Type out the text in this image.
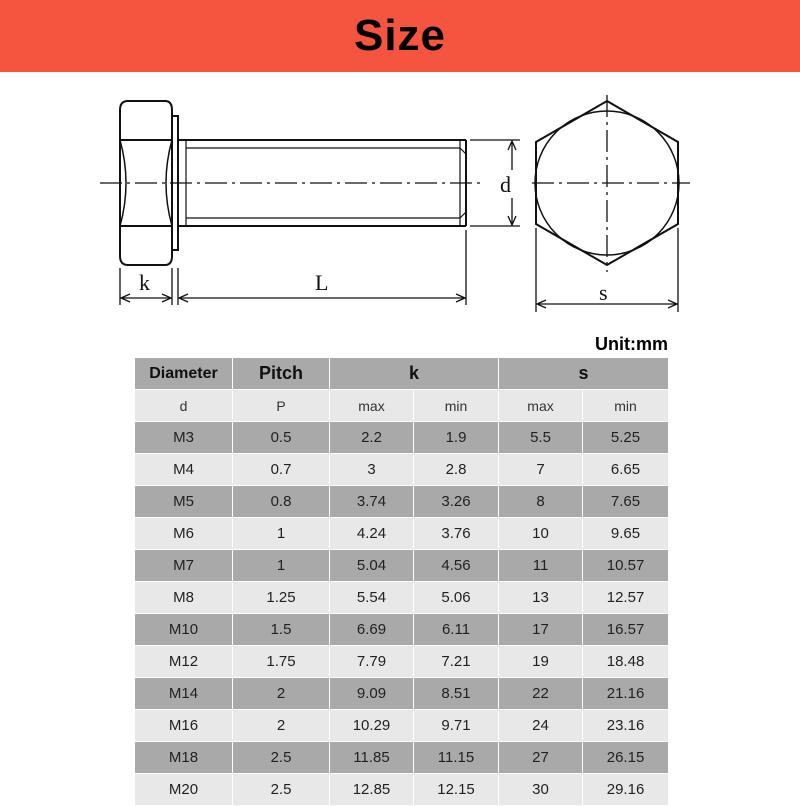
Size
d
k	L	s
Unit:mm
Diameter	Pitch	k		s	
d	P	max	min	max	min
M3	0.5	2.2	1.9	5.5	5.25
M4	0.7	3	2.8	7	6.65
M5	0.8	3.74	3.26	8	7.65
M6	1	4.24	3.76	10	9.65
M7	1	5.04	4.56	11	10.57
M8	1.25	5.54	5.06	13	12.57
M10	1.5	6.69	6.11	17	16.57
M12	1.75	7.79	7.21	19	18.48
M14	2	9.09	8.51	22	21.16
M16	2	10.29	9.71	24	23.16
M18	2.5	11.85	11.15	27	26.15
M20	2.5	12.85	12.15	30	29.16
